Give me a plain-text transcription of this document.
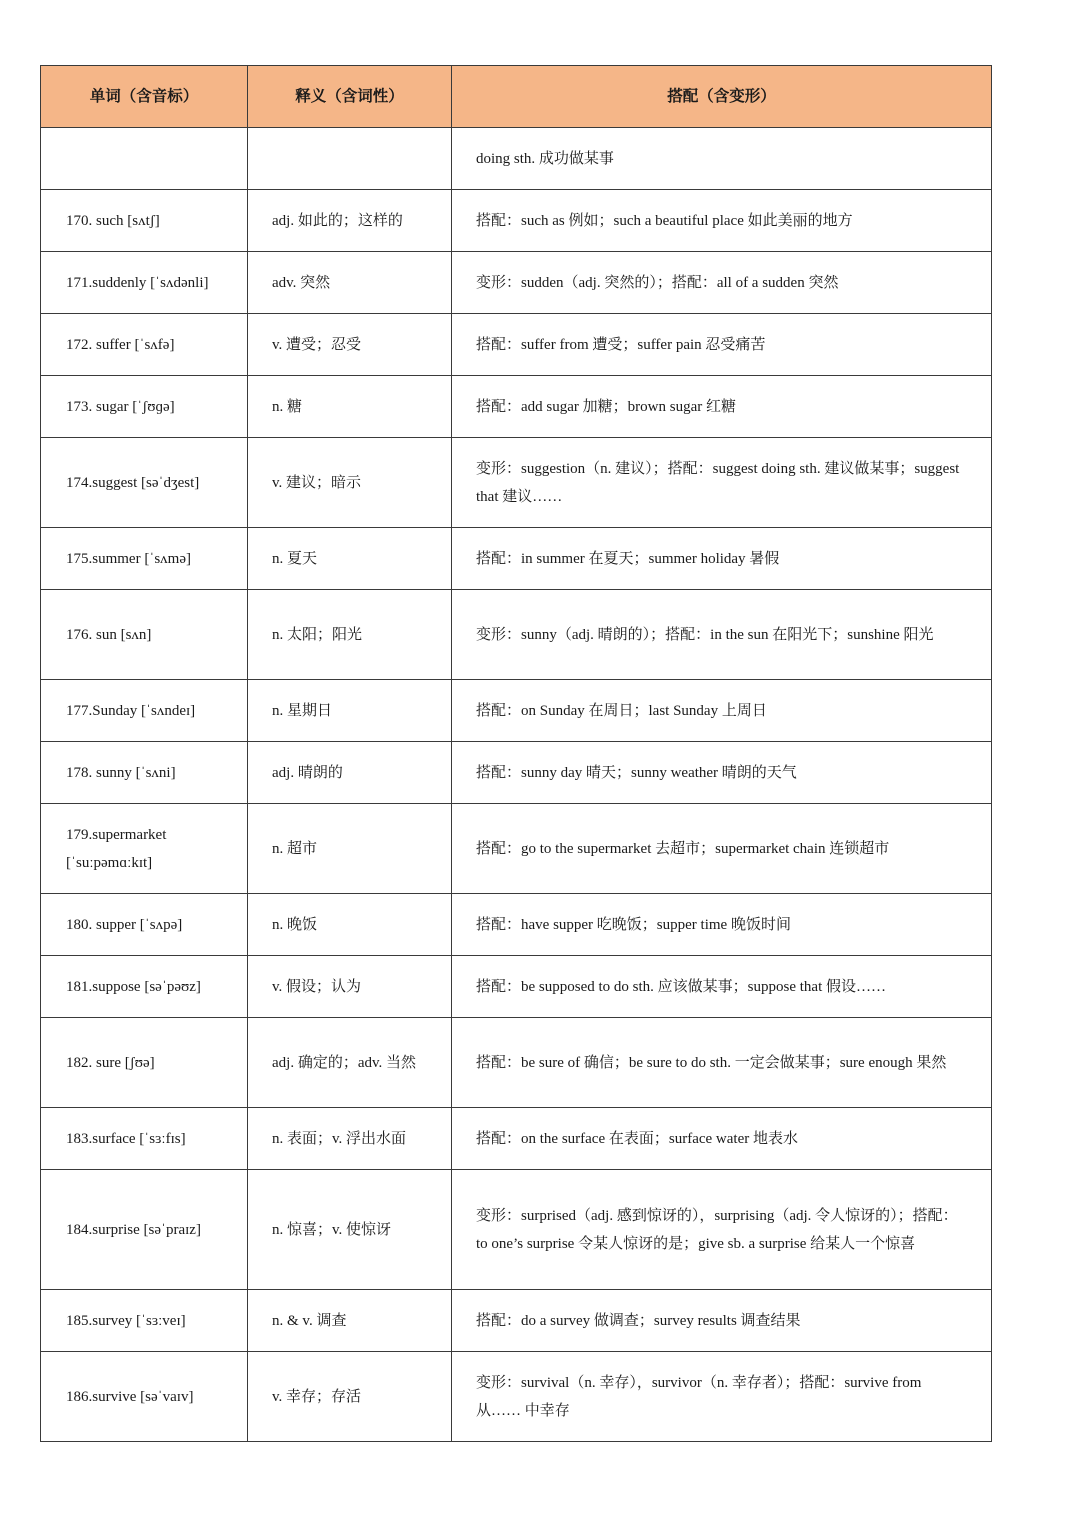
单词（含音标）	释义（含词性）	搭配（含变形）
		doing sth. 成功做某事
170. such [sʌtʃ]	adj. 如此的；这样的	搭配：such as 例如；such a beautiful place 如此美丽的地方
171.suddenly [ˈsʌdənli]	adv. 突然	变形：sudden（adj. 突然的）；搭配：all of a sudden 突然
172. suffer [ˈsʌfə]	v. 遭受；忍受	搭配：suffer from 遭受；suffer pain 忍受痛苦
173. sugar [ˈʃʊɡə]	n. 糖	搭配：add sugar 加糖；brown sugar 红糖
174.suggest [səˈdʒest]	v. 建议；暗示	变形：suggestion（n. 建议）；搭配：suggest doing sth. 建议做某事；suggest that 建议……
175.summer [ˈsʌmə]	n. 夏天	搭配：in summer 在夏天；summer holiday 暑假
176. sun [sʌn]	n. 太阳；阳光	变形：sunny（adj. 晴朗的）；搭配：in the sun 在阳光下；sunshine 阳光
177.Sunday [ˈsʌndeɪ]	n. 星期日	搭配：on Sunday 在周日；last Sunday 上周日
178. sunny [ˈsʌni]	adj. 晴朗的	搭配：sunny day 晴天；sunny weather 晴朗的天气
179.supermarket [ˈsuːpəmɑːkɪt]	n. 超市	搭配：go to the supermarket 去超市；supermarket chain 连锁超市
180. supper [ˈsʌpə]	n. 晚饭	搭配：have supper 吃晚饭；supper time 晚饭时间
181.suppose [səˈpəʊz]	v. 假设；认为	搭配：be supposed to do sth. 应该做某事；suppose that 假设……
182. sure [ʃʊə]	adj. 确定的；adv. 当然	搭配：be sure of 确信；be sure to do sth. 一定会做某事；sure enough 果然
183.surface [ˈsɜːfɪs]	n. 表面；v. 浮出水面	搭配：on the surface 在表面；surface water 地表水
184.surprise [səˈpraɪz]	n. 惊喜；v. 使惊讶	变形：surprised（adj. 感到惊讶的），surprising（adj. 令人惊讶的）；搭配：to one’s surprise 令某人惊讶的是；give sb. a surprise 给某人一个惊喜
185.survey [ˈsɜːveɪ]	n. & v. 调查	搭配：do a survey 做调查；survey results 调查结果
186.survive [səˈvaɪv]	v. 幸存；存活	变形：survival（n. 幸存），survivor（n. 幸存者）；搭配：survive from 从…… 中幸存
